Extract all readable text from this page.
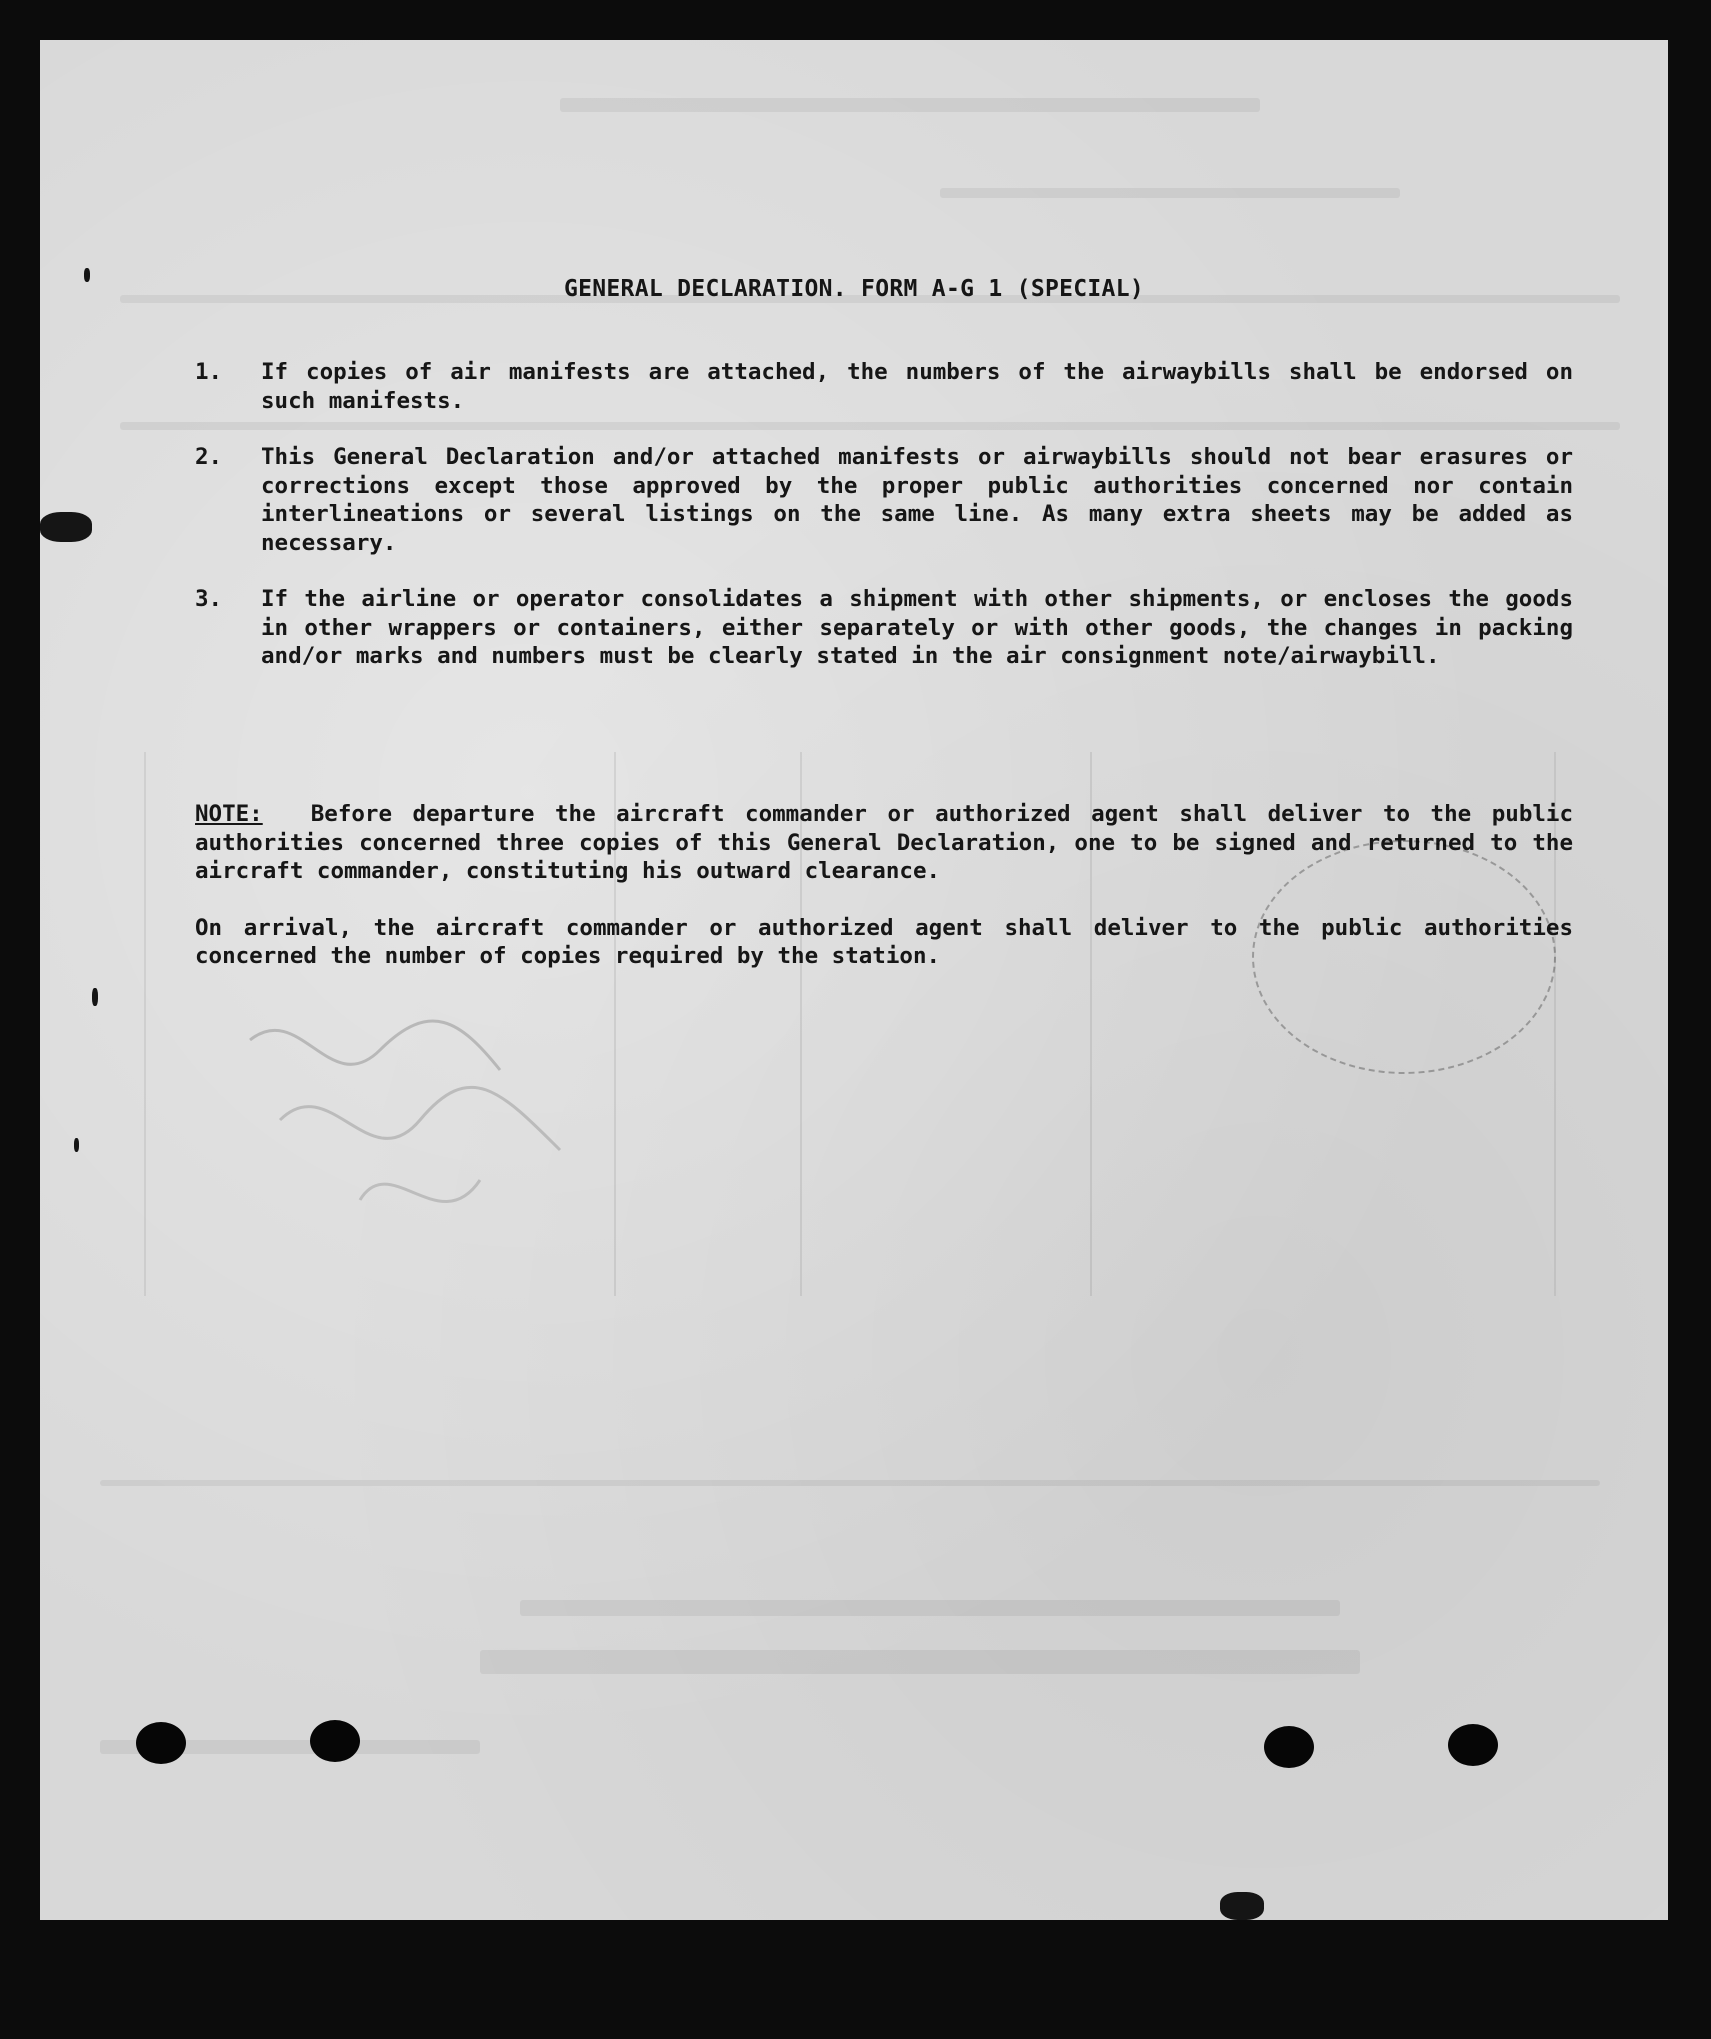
GENERAL DECLARATION. FORM A-G 1 (SPECIAL)
1.	If copies of air manifests are attached, the numbers of the airwaybills shall be endorsed on such manifests.
2.	This General Declaration and/or attached manifests or airwaybills should not bear erasures or corrections except those approved by the proper public authorities concerned nor contain interlineations or several listings on the same line. As many extra sheets may be added as necessary.
3.	If the airline or operator consolidates a shipment with other shipments, or encloses the goods in other wrappers or containers, either separately or with other goods, the changes in packing and/or marks and numbers must be clearly stated in the air consignment note/airwaybill.

NOTE: Before departure the aircraft commander or authorized agent shall deliver to the public authorities concerned three copies of this General Declaration, one to be signed and returned to the aircraft commander, constituting his outward clearance.

On arrival, the aircraft commander or authorized agent shall deliver to the public authorities concerned the number of copies required by the station.
